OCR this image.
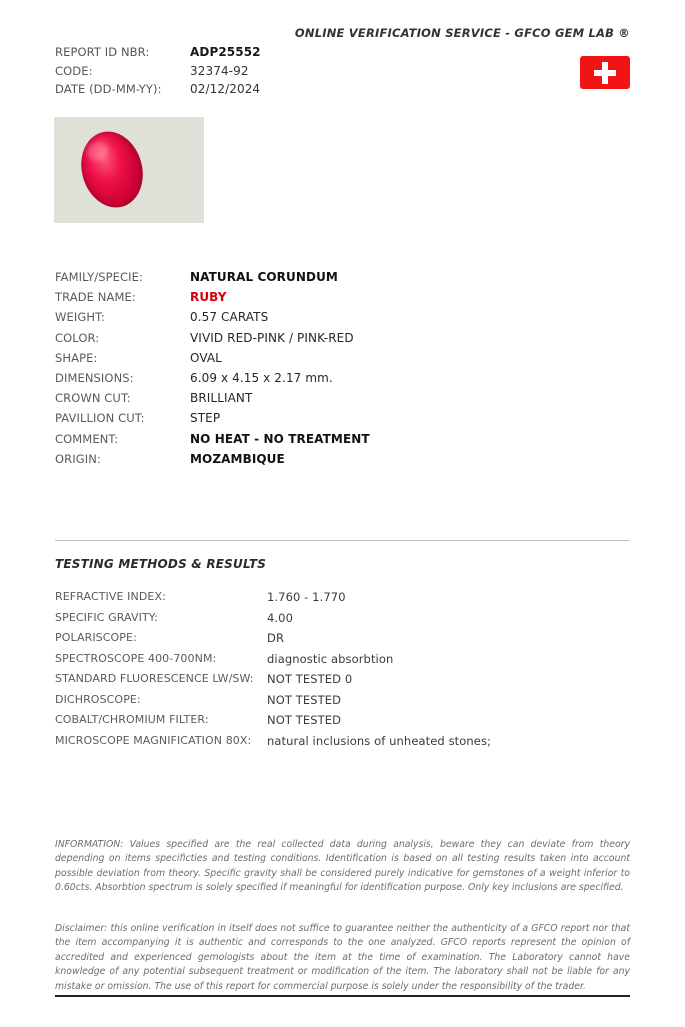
ONLINE VERIFICATION SERVICE - GFCO GEM LAB ®
REPORT ID NBR:	ADP25552
CODE:	32374-92
DATE (DD-MM-YY):	02/12/2024
FAMILY/SPECIE:	NATURAL CORUNDUM
TRADE NAME:	RUBY
WEIGHT:	0.57 CARATS
COLOR:	VIVID RED-PINK / PINK-RED
SHAPE:	OVAL
DIMENSIONS:	6.09 x 4.15 x 2.17 mm.
CROWN CUT:	BRILLIANT
PAVILLION CUT:	STEP
COMMENT:	NO HEAT - NO TREATMENT
ORIGIN:	MOZAMBIQUE
TESTING METHODS & RESULTS
REFRACTIVE INDEX:	1.760 - 1.770
SPECIFIC GRAVITY:	4.00
POLARISCOPE:	DR
SPECTROSCOPE 400-700NM:	diagnostic absorbtion
STANDARD FLUORESCENCE LW/SW:	NOT TESTED 0
DICHROSCOPE:	NOT TESTED
COBALT/CHROMIUM FILTER:	NOT TESTED
MICROSCOPE MAGNIFICATION 80X:	natural inclusions of unheated stones;
INFORMATION: Values specified are the real collected data during analysis, beware they can deviate from theory depending on items specificties and testing conditions. Identification is based on all testing results taken into account possible deviation from theory. Specific gravity shall be considered purely indicative for gemstones of a weight inferior to 0.60cts. Absorbtion spectrum is solely specified if meaningful for identification purpose. Only key inclusions are specified.
Disclaimer: this online verification in itself does not suffice to guarantee neither the authenticity of a GFCO report nor that the item accompanying it is authentic and corresponds to the one analyzed. GFCO reports represent the opinion of accredited and experienced gemologists about the item at the time of examination. The Laboratory cannot have knowledge of any potential subsequent treatment or modification of the item. The laboratory shall not be liable for any mistake or omission. The use of this report for commercial purpose is solely under the responsibility of the trader.
